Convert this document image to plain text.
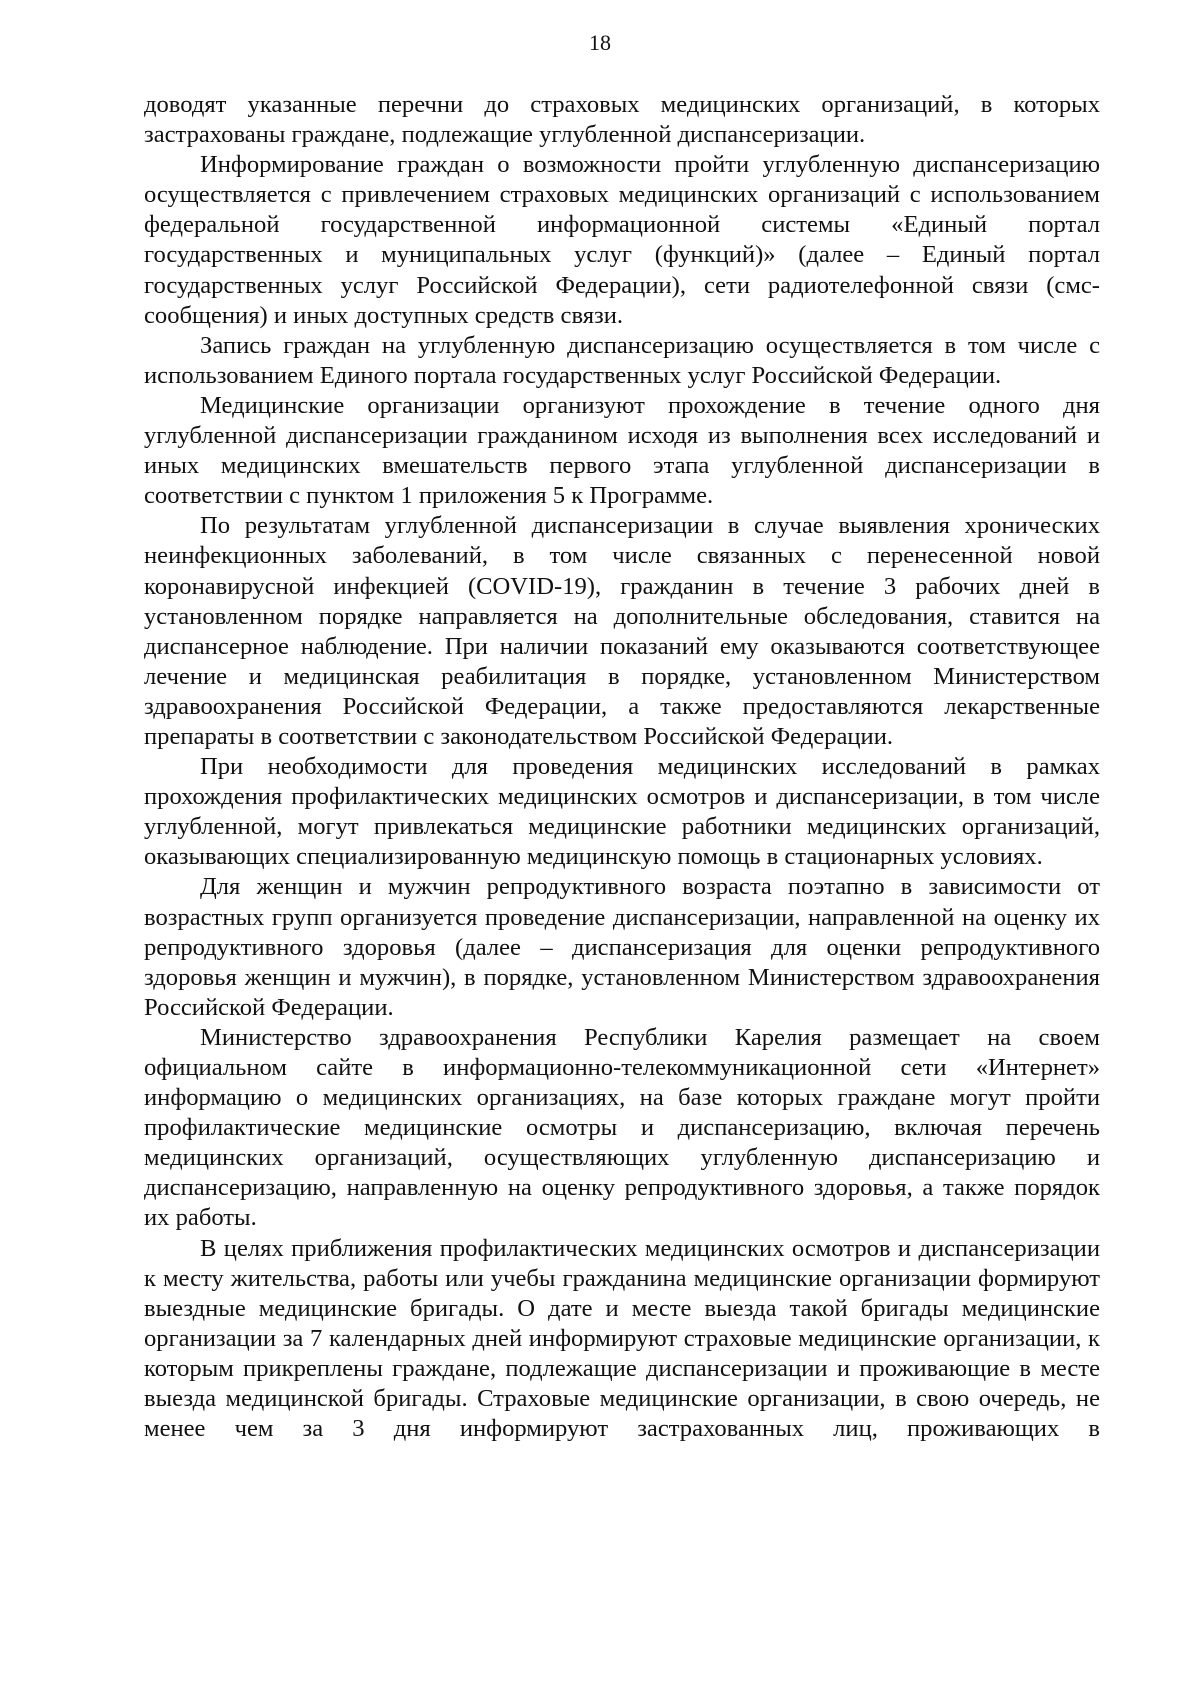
18

доводят указанные перечни до страховых медицинских организаций, в которых застрахованы граждане, подлежащие углубленной диспансеризации.

Информирование граждан о возможности пройти углубленную диспансеризацию осуществляется с привлечением страховых медицинских организаций с использованием федеральной государственной информационной системы «Единый портал государственных и муниципальных услуг (функций)» (далее – Единый портал государственных услуг Российской Федерации), сети радиотелефонной связи (смс-сообщения) и иных доступных средств связи.

Запись граждан на углубленную диспансеризацию осуществляется в том числе с использованием Единого портала государственных услуг Российской Федерации.

Медицинские организации организуют прохождение в течение одного дня углубленной диспансеризации гражданином исходя из выполнения всех исследований и иных медицинских вмешательств первого этапа углубленной диспансеризации в соответствии с пунктом 1 приложения 5 к Программе.

По результатам углубленной диспансеризации в случае выявления хронических неинфекционных заболеваний, в том числе связанных с перенесенной новой коронавирусной инфекцией (COVID-19), гражданин в течение 3 рабочих дней в установленном порядке направляется на дополнительные обследования, ставится на диспансерное наблюдение. При наличии показаний ему оказываются соответствующее лечение и медицинская реабилитация в порядке, установленном Министерством здравоохранения Российской Федерации, а также предоставляются лекарственные препараты в соответствии с законодательством Российской Федерации.

При необходимости для проведения медицинских исследований в рамках прохождения профилактических медицинских осмотров и диспансеризации, в том числе углубленной, могут привлекаться медицинские работники медицинских организаций, оказывающих специализированную медицинскую помощь в стационарных условиях.

Для женщин и мужчин репродуктивного возраста поэтапно в зависимости от возрастных групп организуется проведение диспансеризации, направленной на оценку их репродуктивного здоровья (далее – диспансеризация для оценки репродуктивного здоровья женщин и мужчин), в порядке, установленном Министерством здравоохранения Российской Федерации.

Министерство здравоохранения Республики Карелия размещает на своем официальном сайте в информационно-телекоммуникационной сети «Интернет» информацию о медицинских организациях, на базе которых граждане могут пройти профилактические медицинские осмотры и диспансеризацию, включая перечень медицинских организаций, осуществляющих углубленную диспансеризацию и диспансеризацию, направленную на оценку репродуктивного здоровья, а также порядок их работы.

В целях приближения профилактических медицинских осмотров и диспансеризации к месту жительства, работы или учебы гражданина медицинские организации формируют выездные медицинские бригады. О дате и месте выезда такой бригады медицинские организации за 7 календарных дней информируют страховые медицинские организации, к которым прикреплены граждане, подлежащие диспансеризации и проживающие в месте выезда медицинской бригады. Страховые медицинские организации, в свою очередь, не менее чем за 3 дня информируют застрахованных лиц, проживающих в
